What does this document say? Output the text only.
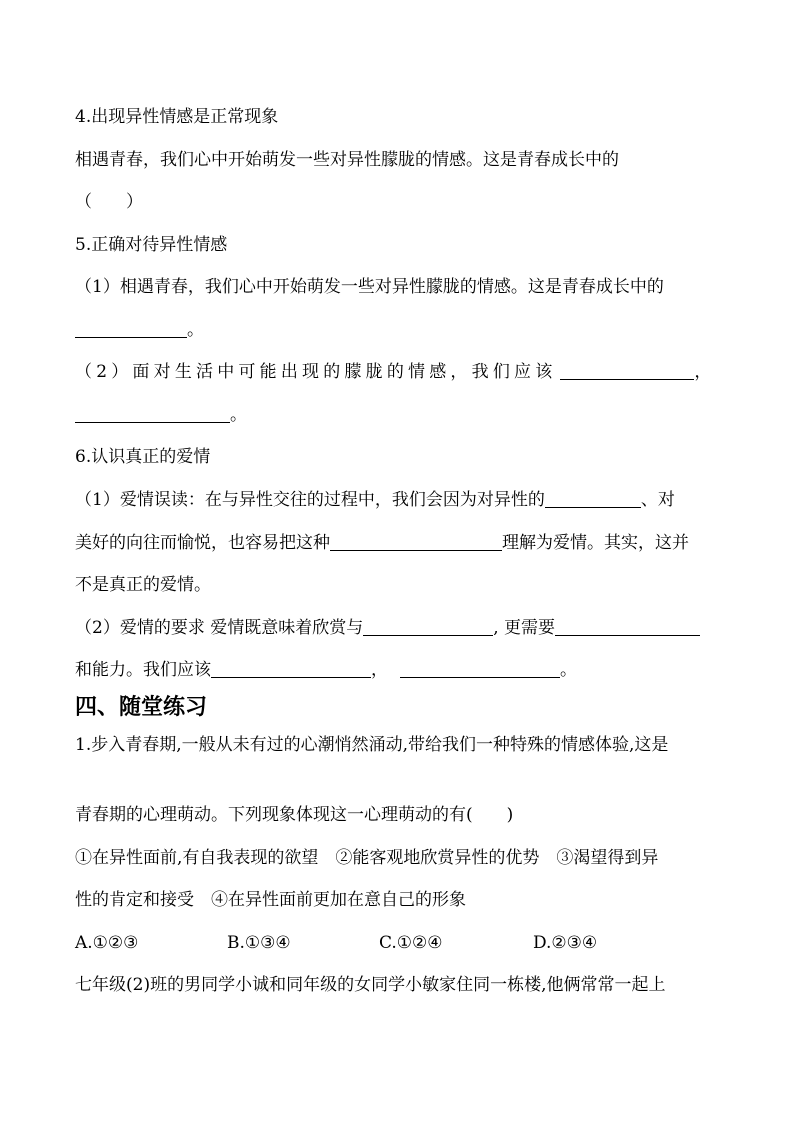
4.出现异性情感是正常现象
相遇青春，我们心中开始萌发一些对异性朦胧的情感。这是青春成长中的
（　　）
5.正确对待异性情感
（1）相遇青春，我们心中开始萌发一些对异性朦胧的情感。这是青春成长中的
。
（2）面对生活中可能出现的朦胧的情感，我们应该	，
。
6.认识真正的爱情
（1）爱情误读：在与异性交往的过程中，我们会因为对异性的	、对
美好的向往而愉悦，也容易把这种	理解为爱情。其实，这并
不是真正的爱情。
（2）爱情的要求 爱情既意味着欣赏与	, 更需要
和能力。我们应该	，	。
四、随堂练习
1.步入青春期,一般从未有过的心潮悄然涌动,带给我们一种特殊的情感体验,这是
青春期的心理萌动。下列现象体现这一心理萌动的有(　　)
①在异性面前,有自我表现的欲望　②能客观地欣赏异性的优势　③渴望得到异
性的肯定和接受　④在异性面前更加在意自己的形象
A.①②③	B.①③④	C.①②④	D.②③④
七年级(2)班的男同学小诚和同年级的女同学小敏家住同一栋楼,他俩常常一起上
